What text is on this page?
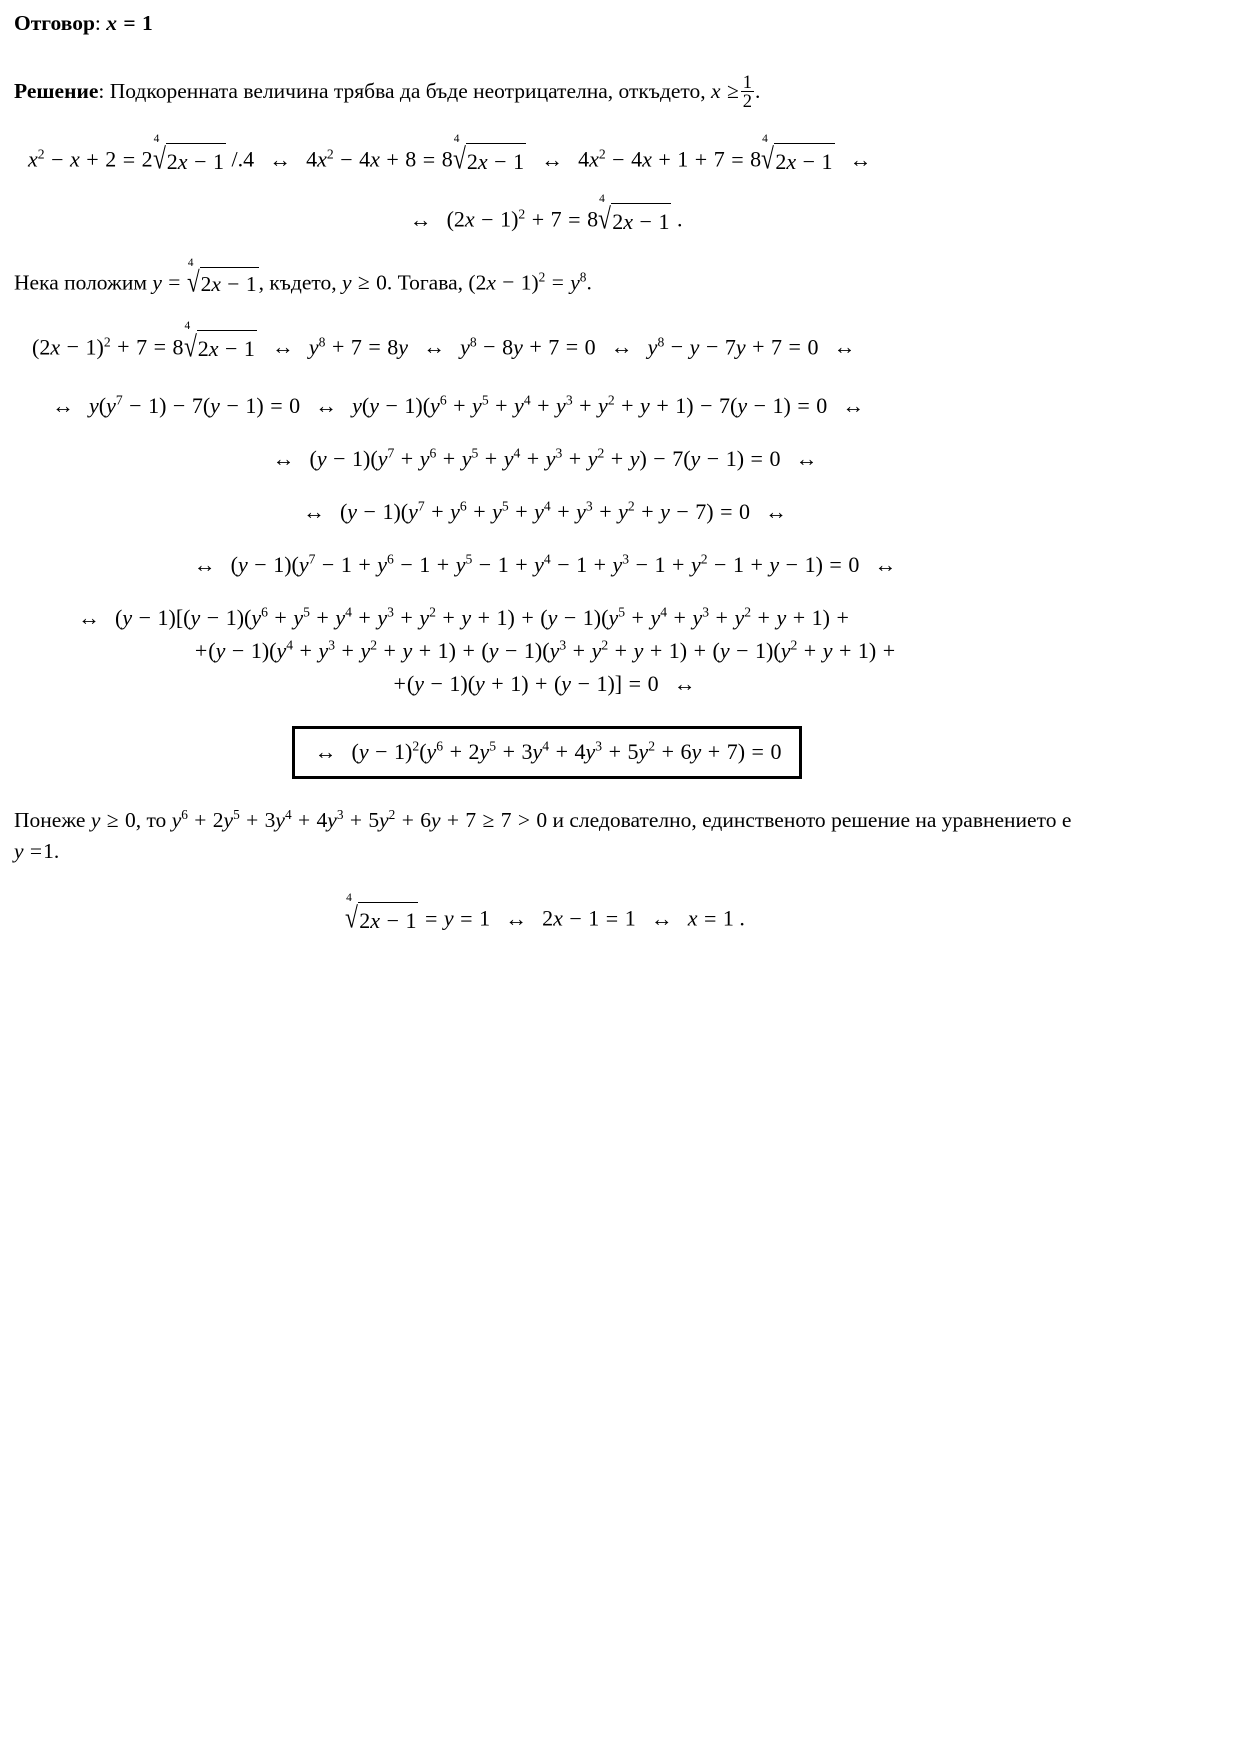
Отговор: x = 1

Решение: Подкоренната величина трябва да бъде неотрицателна, откъдето, $x \ge \frac{1}{2}$ .

$x^2 - x + 2 = 2$
4
√2x − 1 /.4 ↔ $4x^2 - 4x + 8 = 8$
4
√2x − 1 ↔ $4x^2 - 4x + 1 + 7 = 8$
4
√2x − 1 ↔
↔ $(2x - 1)^2 + 7 = 8$
4
√2x − 1 .

Нека положим y =
4
√2x − 1, където, y ≥ 0. Тогава, $(2x - 1)^2 = y^8$.

$(2x - 1)^2 + 7 = 8$
4
√2x − 1 ↔ $y^8 + 7 = 8y$ ↔ $y^8 - 8y + 7 = 0$ ↔ $y^8 - y - 7y + 7 = 0$ ↔
↔ $y(y^7 - 1) - 7(y - 1) = 0$ ↔ $y(y - 1)(y^6 + y^5 + y^4 + y^3 + y^2 + y + 1) - 7(y - 1) = 0$ ↔
↔ $(y - 1)(y^7 + y^6 + y^5 + y^4 + y^3 + y^2 + y) - 7(y - 1) = 0$ ↔
↔ $(y - 1)(y^7 + y^6 + y^5 + y^4 + y^3 + y^2 + y - 7) = 0$ ↔
↔ $(y - 1)(y^7 - 1 + y^6 - 1 + y^5 - 1 + y^4 - 1 + y^3 - 1 + y^2 - 1 + y - 1) = 0$ ↔
↔ $(y - 1)[(y - 1)(y^6 + y^5 + y^4 + y^3 + y^2 + y + 1) + (y - 1)(y^5 + y^4 + y^3 + y^2 + y + 1)$ +
$+(y - 1)(y^4 + y^3 + y^2 + y + 1) + (y - 1)(y^3 + y^2 + y + 1) + (y - 1)(y^2 + y + 1)$ +
+(y − 1)(y + 1) + (y − 1)] = 0 ↔
↔ $(y - 1)^2(y^6 + 2y^5 + 3y^4 + 4y^3 + 5y^2 + 6y + 7) = 0$

Понеже y ≥ 0, то $y^6 + 2y^5 + 3y^4 + 4y^3 + 5y^2 + 6y + 7 \ge 7 > 0$ и следователно, единственото решение на уравнението е y =1.

4
√2x − 1 = y = 1 ↔ 2x − 1 = 1 ↔ x = 1 .
